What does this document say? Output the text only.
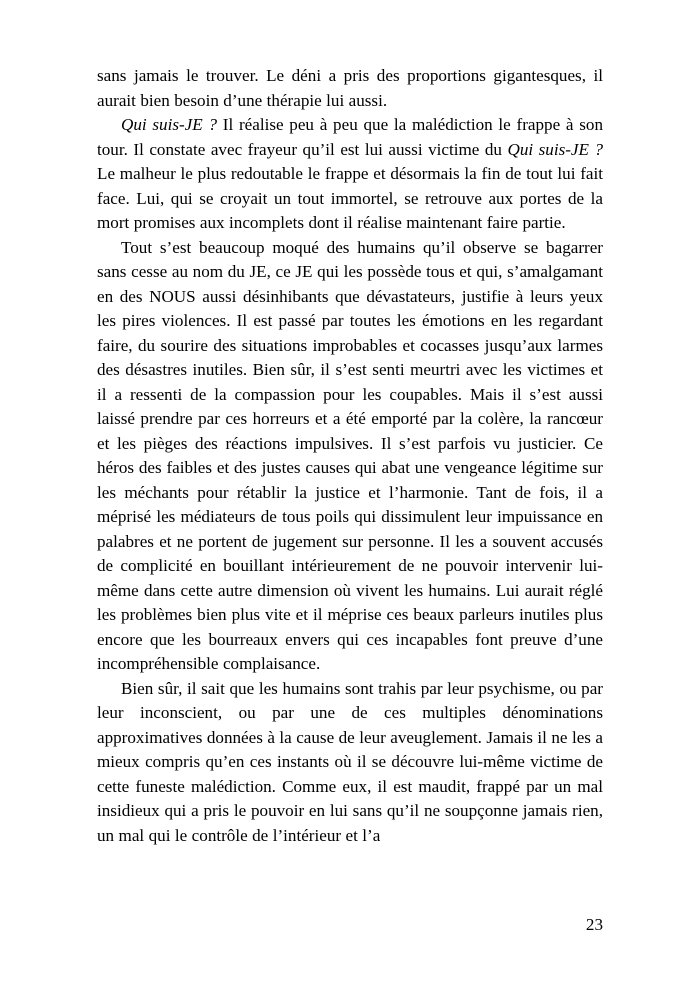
sans jamais le trouver. Le déni a pris des proportions gigantesques, il aurait bien besoin d’une thérapie lui aussi.

Qui suis-JE ? Il réalise peu à peu que la malédiction le frappe à son tour. Il constate avec frayeur qu’il est lui aussi victime du Qui suis-JE ? Le malheur le plus redoutable le frappe et désormais la fin de tout lui fait face. Lui, qui se croyait un tout immortel, se retrouve aux portes de la mort promises aux incomplets dont il réalise maintenant faire partie.

Tout s’est beaucoup moqué des humains qu’il observe se bagarrer sans cesse au nom du JE, ce JE qui les possède tous et qui, s’amalgamant en des NOUS aussi désinhibants que dévastateurs, justifie à leurs yeux les pires violences. Il est passé par toutes les émotions en les regardant faire, du sourire des situations improbables et cocasses jusqu’aux larmes des désastres inutiles. Bien sûr, il s’est senti meurtri avec les victimes et il a ressenti de la compassion pour les coupables. Mais il s’est aussi laissé prendre par ces horreurs et a été emporté par la colère, la rancœur et les pièges des réactions impulsives. Il s’est parfois vu justicier. Ce héros des faibles et des justes causes qui abat une vengeance légitime sur les méchants pour rétablir la justice et l’harmonie. Tant de fois, il a méprisé les médiateurs de tous poils qui dissimulent leur impuissance en palabres et ne portent de jugement sur personne. Il les a souvent accusés de complicité en bouillant intérieurement de ne pouvoir intervenir lui-même dans cette autre dimension où vivent les humains. Lui aurait réglé les problèmes bien plus vite et il méprise ces beaux parleurs inutiles plus encore que les bourreaux envers qui ces incapables font preuve d’une incompréhensible complaisance.

Bien sûr, il sait que les humains sont trahis par leur psychisme, ou par leur inconscient, ou par une de ces multiples dénominations approximatives données à la cause de leur aveuglement. Jamais il ne les a mieux compris qu’en ces instants où il se découvre lui-même victime de cette funeste malédiction. Comme eux, il est maudit, frappé par un mal insidieux qui a pris le pouvoir en lui sans qu’il ne soupçonne jamais rien, un mal qui le contrôle de l’intérieur et l’a

23
